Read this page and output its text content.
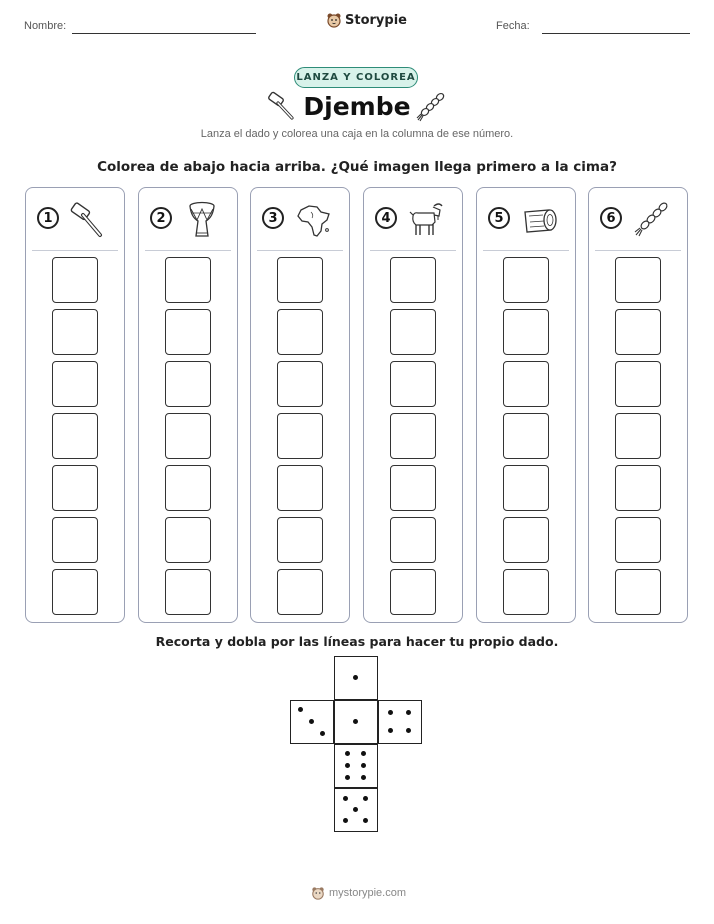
Nombre:	Storypie	Fecha:
LANZA Y COLOREA
Djembe
Lanza el dado y colorea una caja en la columna de ese número.
Colorea de abajo hacia arriba. ¿Qué imagen llega primero a la cima?
1	2	3	4	5	6
Recorta y dobla por las líneas para hacer tu propio dado.
mystorypie.com
